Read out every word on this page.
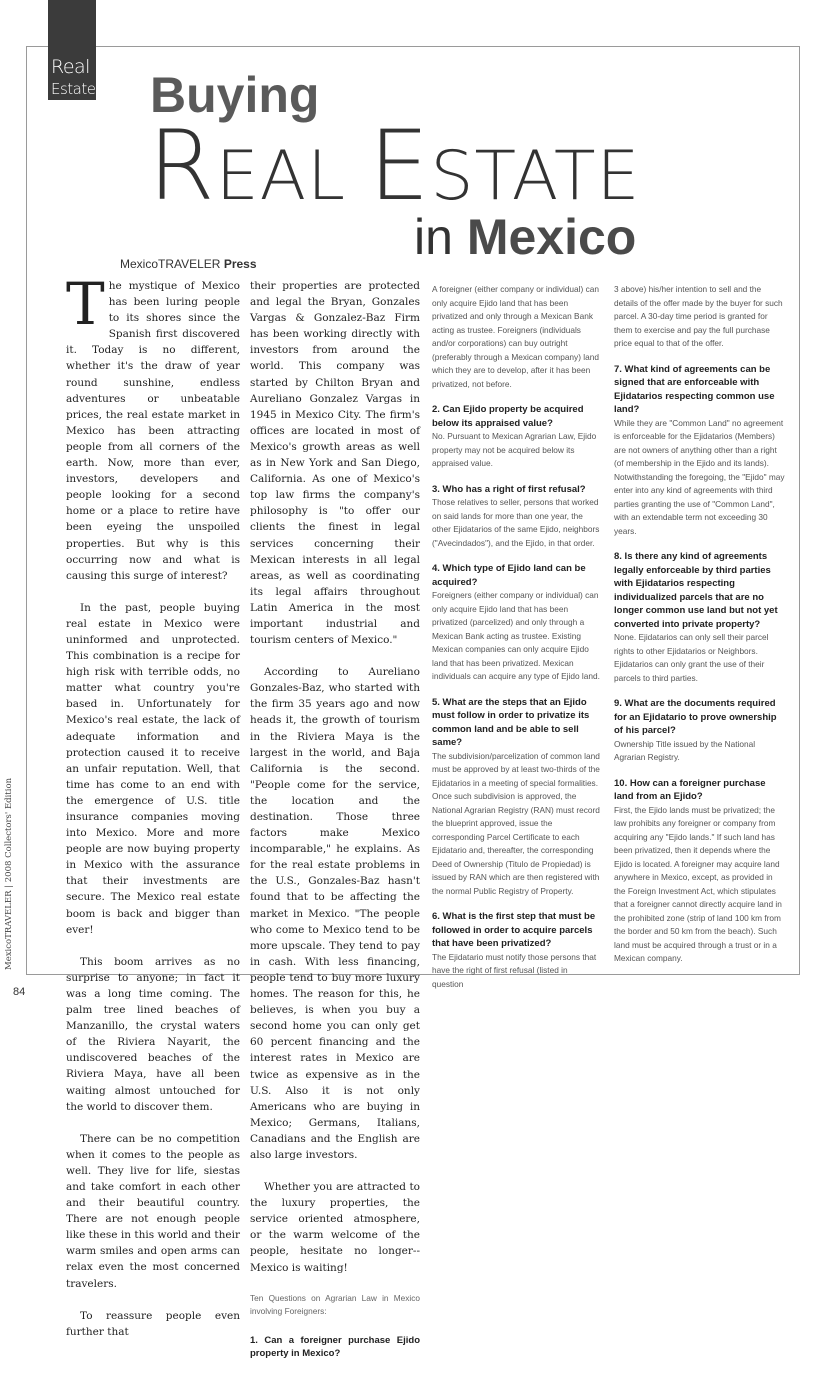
Real
Estate Buying
REAL ESTATE
in Mexico
MexicoTRAVELER Press

The mystique of Mexico has been luring people to its shores since the Spanish first discovered it. Today is no different, whether it's the draw of year round sunshine, endless adventures or unbeatable prices, the real estate market in Mexico has been attracting people from all corners of the earth. Now, more than ever, investors, developers and people looking for a second home or a place to retire have been eyeing the unspoiled properties. But why is this occurring now and what is causing this surge of interest?

In the past, people buying real estate in Mexico were uninformed and unprotected. This combination is a recipe for high risk with terrible odds, no matter what country you're based in. Unfortunately for Mexico's real estate, the lack of adequate information and protection caused it to receive an unfair reputation. Well, that time has come to an end with the emergence of U.S. title insurance companies moving into Mexico. More and more people are now buying property in Mexico with the assurance that their investments are secure. The Mexico real estate boom is back and bigger than ever!

This boom arrives as no surprise to anyone; in fact it was a long time coming. The palm tree lined beaches of Manzanillo, the crystal waters of the Riviera Nayarit, the undiscovered beaches of the Riviera Maya, have all been waiting almost untouched for the world to discover them.

There can be no competition when it comes to the people as well. They live for life, siestas and take comfort in each other and their beautiful country. There are not enough people like these in this world and their warm smiles and open arms can relax even the most concerned travelers.

To reassure people even further that

their properties are protected and legal the Bryan, Gonzales Vargas & Gonzalez-Baz Firm has been working directly with investors from around the world. This company was started by Chilton Bryan and Aureliano Gonzalez Vargas in 1945 in Mexico City. The firm's offices are located in most of Mexico's growth areas as well as in New York and San Diego, California. As one of Mexico's top law firms the company's philosophy is "to offer our clients the finest in legal services concerning their Mexican interests in all legal areas, as well as coordinating its legal affairs throughout Latin America in the most important industrial and tourism centers of Mexico."

According to Aureliano Gonzales-Baz, who started with the firm 35 years ago and now heads it, the growth of tourism in the Riviera Maya is the largest in the world, and Baja California is the second. "People come for the service, the location and the destination. Those three factors make Mexico incomparable," he explains. As for the real estate problems in the U.S., Gonzales-Baz hasn't found that to be affecting the market in Mexico. "The people who come to Mexico tend to be more upscale. They tend to pay in cash. With less financing, people tend to buy more luxury homes. The reason for this, he believes, is when you buy a second home you can only get 60 percent financing and the interest rates in Mexico are twice as expensive as in the U.S. Also it is not only Americans who are buying in Mexico; Germans, Italians, Canadians and the English are also large investors.

Whether you are attracted to the luxury properties, the service oriented atmosphere, or the warm welcome of the people, hesitate no longer--Mexico is waiting!

Ten Questions on Agrarian Law in Mexico involving Foreigners:

1. Can a foreigner purchase Ejido property in Mexico?

A foreigner (either company or individual) can only acquire Ejido land that has been privatized and only through a Mexican Bank acting as trustee. Foreigners (individuals and/or corporations) can buy outright (preferably through a Mexican company) land which they are to develop, after it has been privatized, not before.

2. Can Ejido property be acquired below its appraised value?
No. Pursuant to Mexican Agrarian Law, Ejido property may not be acquired below its appraised value.

3. Who has a right of first refusal?
Those relatives to seller, persons that worked on said lands for more than one year, the other Ejidatarios of the same Ejido, neighbors ("Avecindados"), and the Ejido, in that order.

4. Which type of Ejido land can be acquired?
Foreigners (either company or individual) can only acquire Ejido land that has been privatized (parcelized) and only through a Mexican Bank acting as trustee. Existing Mexican companies can only acquire Ejido land that has been privatized. Mexican individuals can acquire any type of Ejido land.

5. What are the steps that an Ejido must follow in order to privatize its common land and be able to sell same?
The subdivision/parcelization of common land must be approved by at least two-thirds of the Ejidatarios in a meeting of special formalities. Once such subdivision is approved, the National Agrarian Registry (RAN) must record the blueprint approved, issue the corresponding Parcel Certificate to each Ejidatario and, thereafter, the corresponding Deed of Ownership (Titulo de Propiedad) is issued by RAN which are then registered with the normal Public Registry of Property.

6. What is the first step that must be followed in order to acquire parcels that have been privatized?
The Ejidatario must notify those persons that have the right of first refusal (listed in question

3 above) his/her intention to sell and the details of the offer made by the buyer for such parcel. A 30-day time period is granted for them to exercise and pay the full purchase price equal to that of the offer.

7. What kind of agreements can be signed that are enforceable with Ejidatarios respecting common use land?
While they are "Common Land" no agreement is enforceable for the Ejidatarios (Members) are not owners of anything other than a right (of membership in the Ejido and its lands). Notwithstanding the foregoing, the "Ejido" may enter into any kind of agreements with third parties granting the use of "Common Land", with an extendable term not exceeding 30 years.

8. Is there any kind of agreements legally enforceable by third parties with Ejidatarios respecting individualized parcels that are no longer common use land but not yet converted into private property?
None. Ejidatarios can only sell their parcel rights to other Ejidatarios or Neighbors. Ejidatarios can only grant the use of their parcels to third parties.

9. What are the documents required for an Ejidatario to prove ownership of his parcel?
Ownership Title issued by the National Agrarian Registry.

10. How can a foreigner purchase land from an Ejido?
First, the Ejido lands must be privatized; the law prohibits any foreigner or company from acquiring any "Ejido lands." If such land has been privatized, then it depends where the Ejido is located. A foreigner may acquire land anywhere in Mexico, except, as provided in the Foreign Investment Act, which stipulates that a foreigner cannot directly acquire land in the prohibited zone (strip of land 100 km from the border and 50 km from the beach). Such land must be acquired through a trust or in a Mexican company.

MexicoTRAVELER | 2008 Collectors' Edition
84
